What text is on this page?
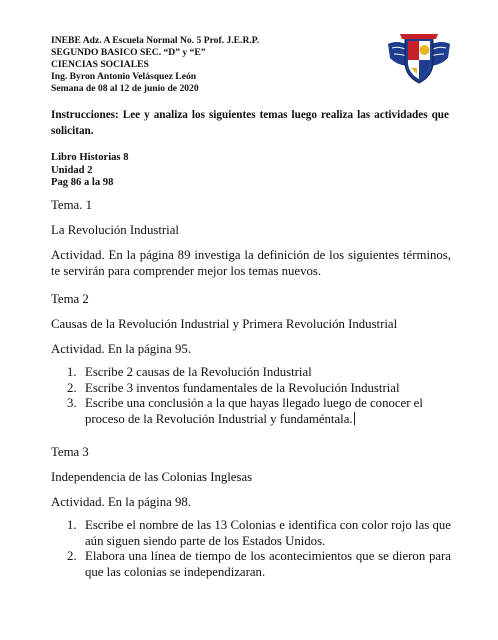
INEBE Adz. A Escuela Normal No. 5 Prof. J.E.R.P.
SEGUNDO BASICO SEC. “D” y “E”
CIENCIAS SOCIALES
Ing. Byron Antonio Velásquez León
Semana de 08 al 12 de junio de 2020
Instrucciones: Lee y analiza los siguientes temas luego realiza las actividades que solicitan.
Libro Historias 8
Unidad 2
Pag 86 a la 98
Tema. 1
La Revolución Industrial
Actividad. En la página 89 investiga la definición de los siguientes términos, te servirán para comprender mejor los temas nuevos.
Tema 2
Causas de la Revolución Industrial y Primera Revolución Industrial
Actividad. En la página 95.
1. Escribe 2 causas de la Revolución Industrial
2. Escribe 3 inventos fundamentales de la Revolución Industrial
3. Escribe una conclusión a la que hayas llegado luego de conocer el proceso de la Revolución Industrial y fundaméntala.
Tema 3
Independencia de las Colonias Inglesas
Actividad. En la página 98.
1. Escribe el nombre de las 13 Colonias e identifica con color rojo las que aún siguen siendo parte de los Estados Unidos.
2. Elabora una línea de tiempo de los acontecimientos que se dieron para que las colonias se independizaran.
